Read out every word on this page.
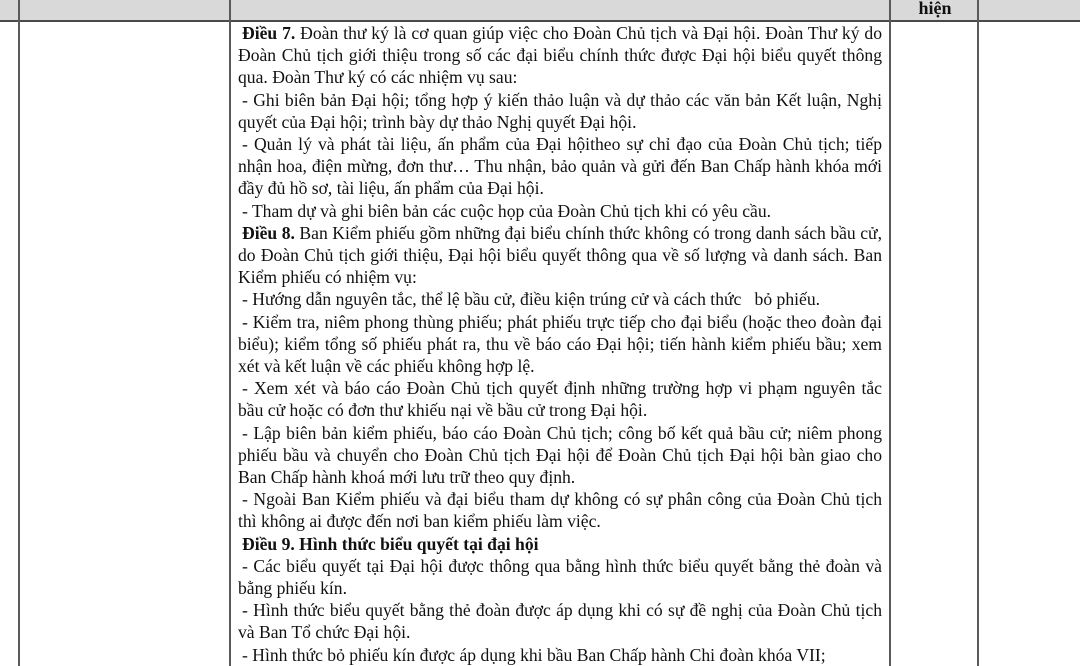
hiện

Điều 7. Đoàn thư ký là cơ quan giúp việc cho Đoàn Chủ tịch và Đại hội. Đoàn Thư ký do Đoàn Chủ tịch giới thiệu trong số các đại biểu chính thức được Đại hội biểu quyết thông qua. Đoàn Thư ký có các nhiệm vụ sau:

- Ghi biên bản Đại hội; tổng hợp ý kiến thảo luận và dự thảo các văn bản Kết luận, Nghị quyết của Đại hội; trình bày dự thảo Nghị quyết Đại hội.

- Quản lý và phát tài liệu, ấn phẩm của Đại hộitheo sự chỉ đạo của Đoàn Chủ tịch; tiếp nhận hoa, điện mừng, đơn thư… Thu nhận, bảo quản và gửi đến Ban Chấp hành khóa mới đầy đủ hồ sơ, tài liệu, ấn phẩm của Đại hội.

- Tham dự và ghi biên bản các cuộc họp của Đoàn Chủ tịch khi có yêu cầu.

Điều 8. Ban Kiểm phiếu gồm những đại biểu chính thức không có trong danh sách bầu cử, do Đoàn Chủ tịch giới thiệu, Đại hội biểu quyết thông qua về số lượng và danh sách. Ban Kiểm phiếu có nhiệm vụ:

- Hướng dẫn nguyên tắc, thể lệ bầu cử, điều kiện trúng cử và cách thức   bỏ phiếu.

- Kiểm tra, niêm phong thùng phiếu; phát phiếu trực tiếp cho đại biểu (hoặc theo đoàn đại biểu); kiểm tổng số phiếu phát ra, thu về báo cáo Đại hội; tiến hành kiểm phiếu bầu; xem xét và kết luận về các phiếu không hợp lệ.

- Xem xét và báo cáo Đoàn Chủ tịch quyết định những trường hợp vi phạm nguyên tắc bầu cử hoặc có đơn thư khiếu nại về bầu cử trong Đại hội.

- Lập biên bản kiểm phiếu, báo cáo Đoàn Chủ tịch; công bố kết quả bầu cử; niêm phong phiếu bầu và chuyển cho Đoàn Chủ tịch Đại hội để Đoàn Chủ tịch Đại hội bàn giao cho Ban Chấp hành khoá mới lưu trữ theo quy định.

- Ngoài Ban Kiểm phiếu và đại biểu tham dự không có sự phân công của Đoàn Chủ tịch thì không ai được đến nơi ban kiểm phiếu làm việc.

Điều 9. Hình thức biểu quyết tại đại hội

- Các biểu quyết tại Đại hội được thông qua bằng hình thức biểu quyết bằng thẻ đoàn và bằng phiếu kín.

- Hình thức biểu quyết bằng thẻ đoàn được áp dụng khi có sự đề nghị của Đoàn Chủ tịch và Ban Tổ chức Đại hội.

- Hình thức bỏ phiếu kín được áp dụng khi bầu Ban Chấp hành Chi đoàn khóa VII;
